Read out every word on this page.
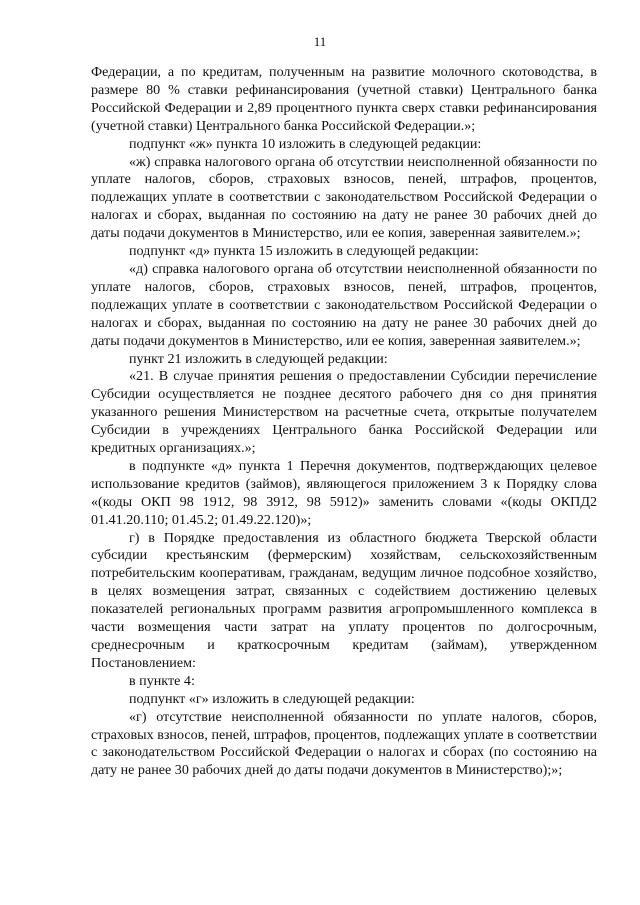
11

Федерации, а по кредитам, полученным на развитие молочного скотоводства, в размере 80 % ставки рефинансирования (учетной ставки) Центрального банка Российской Федерации и 2,89 процентного пункта сверх ставки рефинансирования (учетной ставки) Центрального банка Российской Федерации.»;

подпункт «ж» пункта 10 изложить в следующей редакции:

«ж) справка налогового органа об отсутствии неисполненной обязанности по уплате налогов, сборов, страховых взносов, пеней, штрафов, процентов, подлежащих уплате в соответствии с законодательством Российской Федерации о налогах и сборах, выданная по состоянию на дату не ранее 30 рабочих дней до даты подачи документов в Министерство, или ее копия, заверенная заявителем.»;

подпункт «д» пункта 15 изложить в следующей редакции:

«д) справка налогового органа об отсутствии неисполненной обязанности по уплате налогов, сборов, страховых взносов, пеней, штрафов, процентов, подлежащих уплате в соответствии с законодательством Российской Федерации о налогах и сборах, выданная по состоянию на дату не ранее 30 рабочих дней до даты подачи документов в Министерство, или ее копия, заверенная заявителем.»;

пункт 21 изложить в следующей редакции:

«21. В случае принятия решения о предоставлении Субсидии перечисление Субсидии осуществляется не позднее десятого рабочего дня со дня принятия указанного решения Министерством на расчетные счета, открытые получателем Субсидии в учреждениях Центрального банка Российской Федерации или кредитных организациях.»;

в подпункте «д» пункта 1 Перечня документов, подтверждающих целевое использование кредитов (займов), являющегося приложением 3 к Порядку слова «(коды ОКП 98 1912, 98 3912, 98 5912)» заменить словами «(коды ОКПД2 01.41.20.110; 01.45.2; 01.49.22.120)»;

г) в Порядке предоставления из областного бюджета Тверской области субсидии крестьянским (фермерским) хозяйствам, сельскохозяйственным потребительским кооперативам, гражданам, ведущим личное подсобное хозяйство, в целях возмещения затрат, связанных с содействием достижению целевых показателей региональных программ развития агропромышленного комплекса в части возмещения части затрат на уплату процентов по долгосрочным, среднесрочным и краткосрочным кредитам (займам), утвержденном Постановлением:

в пункте 4:

подпункт «г» изложить в следующей редакции:

«г) отсутствие неисполненной обязанности по уплате налогов, сборов, страховых взносов, пеней, штрафов, процентов, подлежащих уплате в соответствии с законодательством Российской Федерации о налогах и сборах (по состоянию на дату не ранее 30 рабочих дней до даты подачи документов в Министерство);»;
